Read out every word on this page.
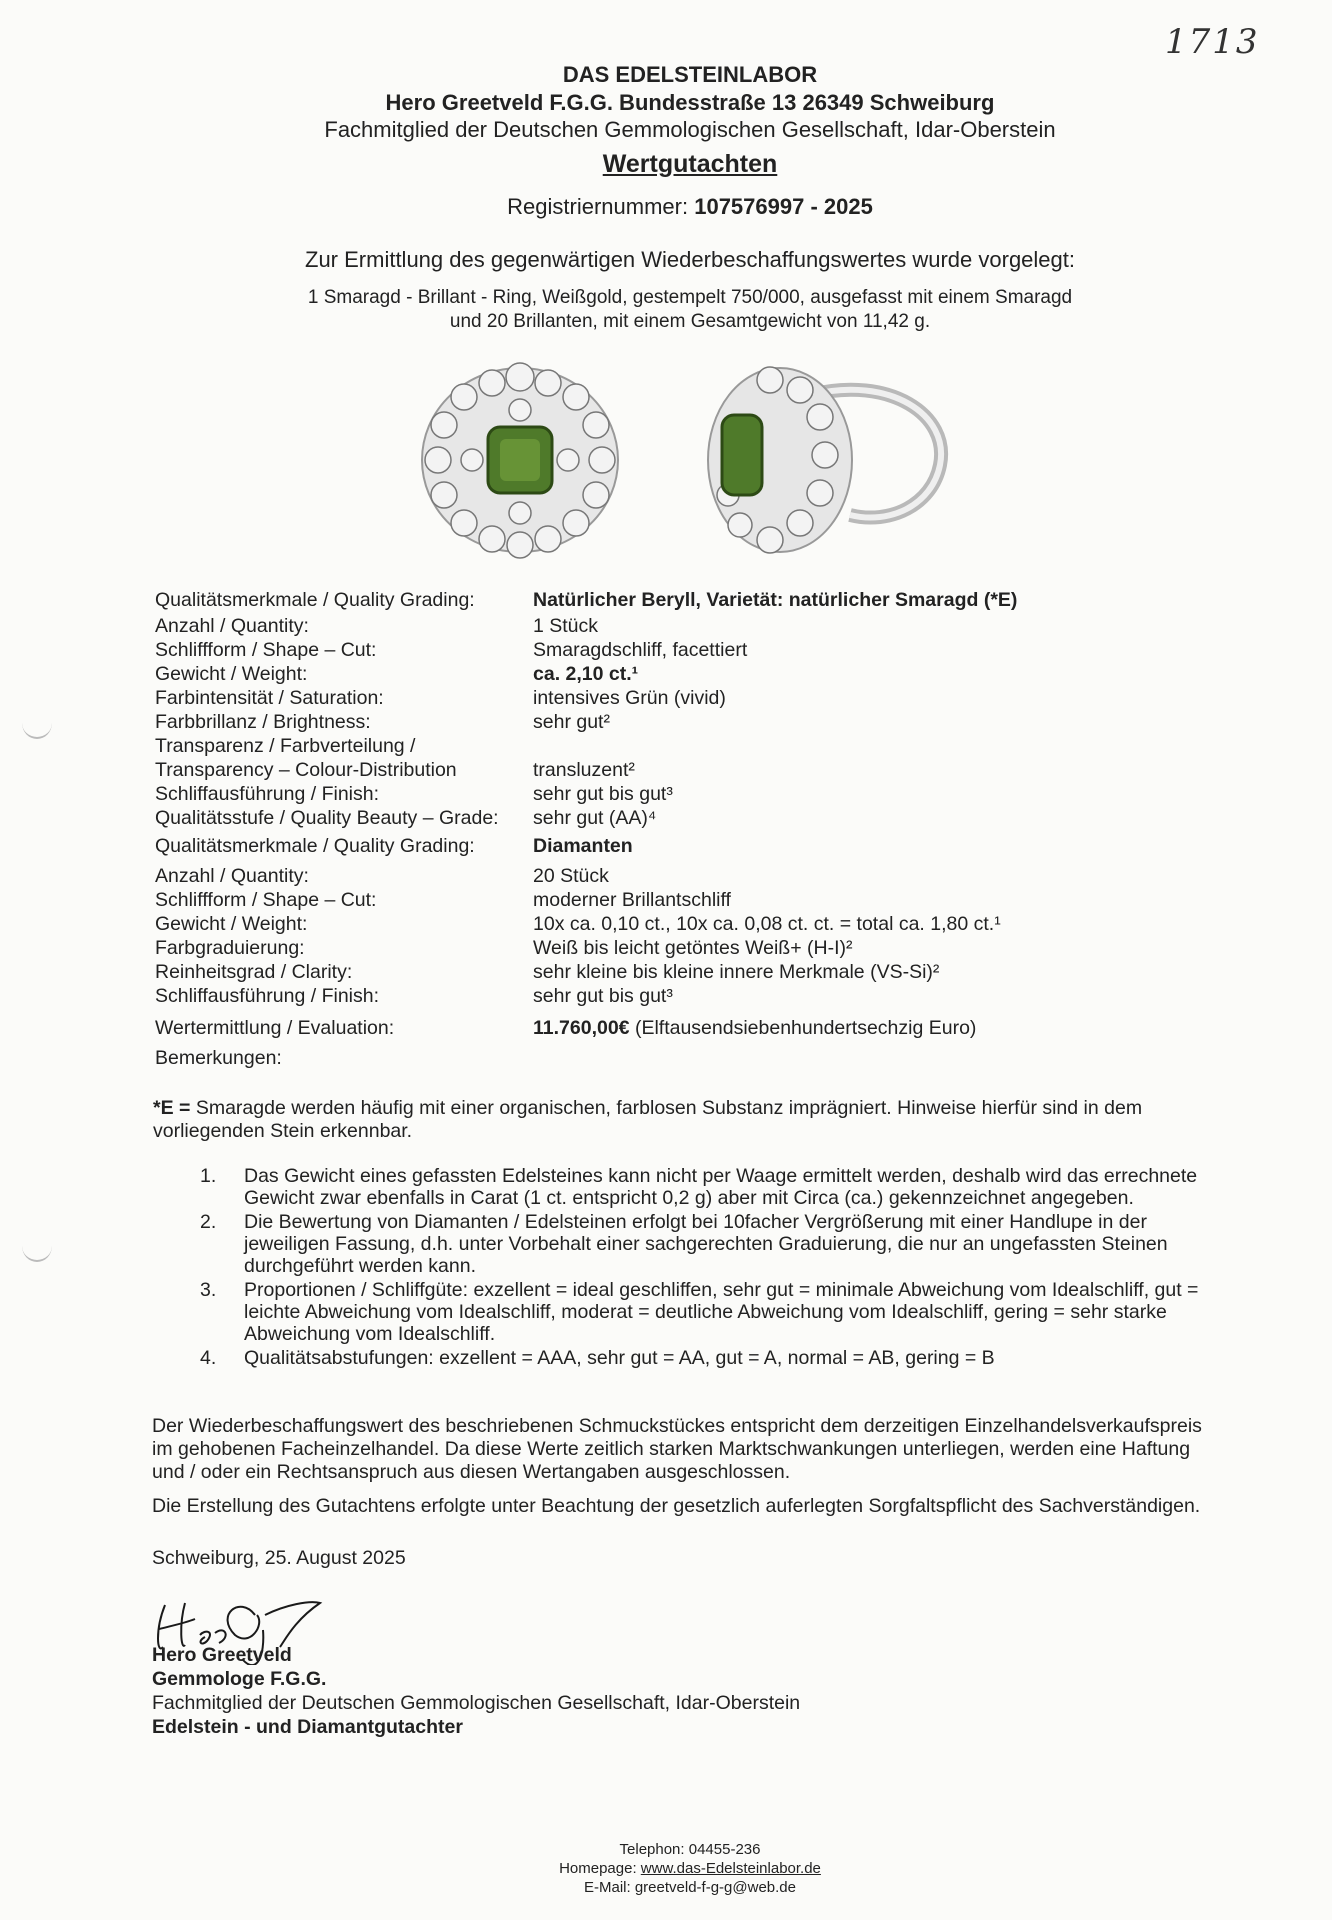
1713
DAS EDELSTEINLABOR
Hero Greetveld F.G.G. Bundesstraße 13 26349 Schweiburg
Fachmitglied der Deutschen Gemmologischen Gesellschaft, Idar-Oberstein
Wertgutachten
Registriernummer: 107576997 - 2025
Zur Ermittlung des gegenwärtigen Wiederbeschaffungswertes wurde vorgelegt:
1 Smaragd - Brillant - Ring, Weißgold, gestempelt 750/000, ausgefasst mit einem Smaragd
und 20 Brillanten, mit einem Gesamtgewicht von 11,42 g.
Qualitätsmerkmale / Quality Grading:	Natürlicher Beryll, Varietät: natürlicher Smaragd (*E)
Anzahl / Quantity:	1 Stück
Schliffform / Shape – Cut:	Smaragdschliff, facettiert
Gewicht / Weight:	ca. 2,10 ct.¹
Farbintensität / Saturation:	intensives Grün (vivid)
Farbbrillanz / Brightness:	sehr gut²
Transparenz / Farbverteilung /
Transparency – Colour-Distribution	transluzent²
Schliffausführung / Finish:	sehr gut bis gut³
Qualitätsstufe / Quality Beauty – Grade:	sehr gut (AA)⁴
Qualitätsmerkmale / Quality Grading:	Diamanten
Anzahl / Quantity:	20 Stück
Schliffform / Shape – Cut:	moderner Brillantschliff
Gewicht / Weight:	10x ca. 0,10 ct., 10x ca. 0,08 ct. ct. = total ca. 1,80 ct.¹
Farbgraduierung:	Weiß bis leicht getöntes Weiß+ (H-I)²
Reinheitsgrad / Clarity:	sehr kleine bis kleine innere Merkmale (VS-Si)²
Schliffausführung / Finish:	sehr gut bis gut³
Wertermittlung / Evaluation:	11.760,00€ (Elftausendsiebenhundertsechzig Euro)
Bemerkungen:
*E = Smaragde werden häufig mit einer organischen, farblosen Substanz imprägniert. Hinweise hierfür sind in dem vorliegenden Stein erkennbar.
1.	Das Gewicht eines gefassten Edelsteines kann nicht per Waage ermittelt werden, deshalb wird das errechnete Gewicht zwar ebenfalls in Carat (1 ct. entspricht 0,2 g) aber mit Circa (ca.) gekennzeichnet angegeben.
2.	Die Bewertung von Diamanten / Edelsteinen erfolgt bei 10facher Vergrößerung mit einer Handlupe in der jeweiligen Fassung, d.h. unter Vorbehalt einer sachgerechten Graduierung, die nur an ungefassten Steinen durchgeführt werden kann.
3.	Proportionen / Schliffgüte: exzellent = ideal geschliffen, sehr gut = minimale Abweichung vom Idealschliff, gut = leichte Abweichung vom Idealschliff, moderat = deutliche Abweichung vom Idealschliff, gering = sehr starke Abweichung vom Idealschliff.
4.	Qualitätsabstufungen: exzellent = AAA, sehr gut = AA, gut = A, normal = AB, gering = B
Der Wiederbeschaffungswert des beschriebenen Schmuckstückes entspricht dem derzeitigen Einzelhandelsverkaufspreis im gehobenen Facheinzelhandel. Da diese Werte zeitlich starken Marktschwankungen unterliegen, werden eine Haftung und / oder ein Rechtsanspruch aus diesen Wertangaben ausgeschlossen.
Die Erstellung des Gutachtens erfolgte unter Beachtung der gesetzlich auferlegten Sorgfaltspflicht des Sachverständigen.
Schweiburg, 25. August 2025
Hero Greetveld
Gemmologe F.G.G.
Fachmitglied der Deutschen Gemmologischen Gesellschaft, Idar-Oberstein
Edelstein - und Diamantgutachter
Telephon: 04455-236
Homepage: www.das-Edelsteinlabor.de
E-Mail: greetveld-f-g-g@web.de
